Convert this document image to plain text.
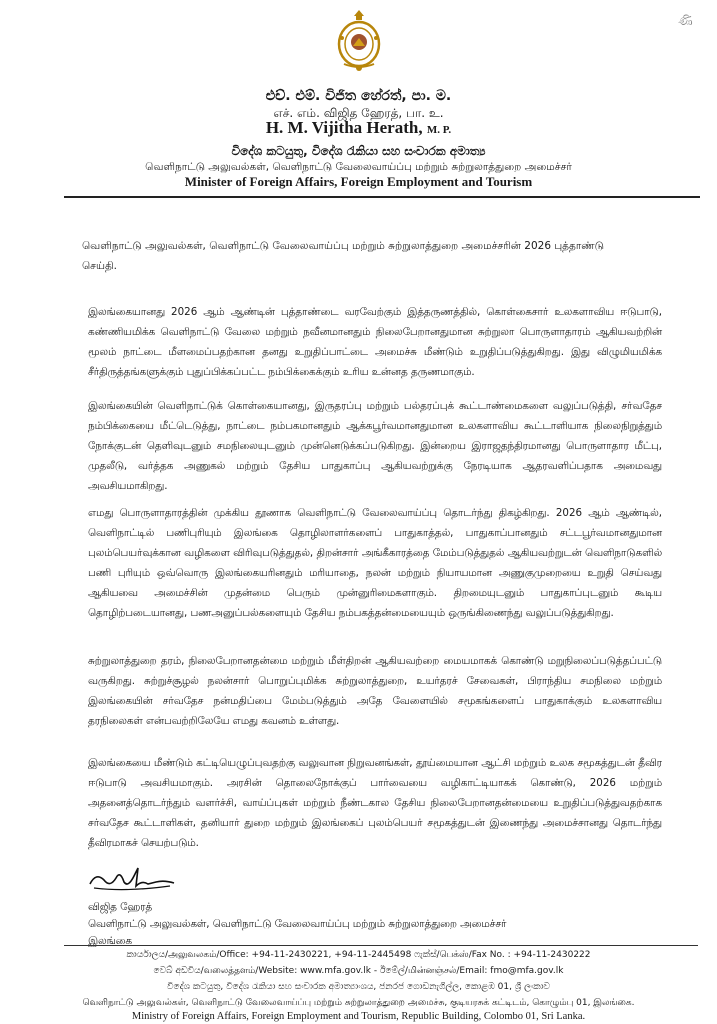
ණි
එච්. එම්. විජිත හේරත්, පා. ම.
எச். எம். விஜித ஹேரத், பா. உ.
H. M. Vijitha Herath, M. P.
විදේශ කටයුතු, විදේශ රැකියා සහ සංචාරක අමාත්‍ය
வெளிநாட்டு அலுவல்கள், வெளிநாட்டு வேலைவாய்ப்பு மற்றும் சுற்றுலாத்துறை அமைச்சர்
Minister of Foreign Affairs, Foreign Employment and Tourism
வெளிநாட்டு அலுவல்கள், வெளிநாட்டு வேலைவாய்ப்பு மற்றும் சுற்றுலாத்துறை அமைச்சரின் 2026 புத்தாண்டு செய்தி.

இலங்கையானது 2026 ஆம் ஆண்டின் புத்தாண்டை வரவேற்கும் இத்தருணத்தில், கொள்கைசார் உலகளாவிய ஈடுபாடு, கண்ணியமிக்க வெளிநாட்டு வேலை மற்றும் நவீனமானதும் நிலைபேறானதுமான சுற்றுலா பொருளாதாரம் ஆகியவற்றின் மூலம் நாட்டை மீளமைப்பதற்கான தனது உறுதிப்பாட்டை அமைச்சு மீண்டும் உறுதிப்படுத்துகிறது. இது விழுமியமிக்க சீர்திருத்தங்களுக்கும் புதுப்பிக்கப்பட்ட நம்பிக்கைக்கும் உரிய உன்னத தருணமாகும்.

இலங்கையின் வெளிநாட்டுக் கொள்கையானது, இருதரப்பு மற்றும் பல்தரப்புக் கூட்டாண்மைகளை வலுப்படுத்தி, சர்வதேச நம்பிக்கையை மீட்டெடுத்து, நாட்டை நம்பகமானதும் ஆக்கபூர்வமானதுமான உலகளாவிய கூட்டாளியாக நிலைநிறுத்தும் நோக்குடன் தெளிவுடனும் சமநிலையுடனும் முன்னெடுக்கப்படுகிறது. இன்றைய இராஜதந்திரமானது பொருளாதார மீட்பு, முதலீடு, வர்த்தக அணுகல் மற்றும் தேசிய பாதுகாப்பு ஆகியவற்றுக்கு நேரடியாக ஆதரவளிப்பதாக அமைவது அவசியமாகிறது.

எமது பொருளாதாரத்தின் முக்கிய தூணாக வெளிநாட்டு வேலைவாய்ப்பு தொடர்ந்து திகழ்கிறது. 2026 ஆம் ஆண்டில், வெளிநாட்டில் பணிபுரியும் இலங்கை தொழிலாளர்களைப் பாதுகாத்தல், பாதுகாப்பானதும் சட்டபூர்வமானதுமான புலம்பெயர்வுக்கான வழிகளை விரிவுபடுத்துதல், திறன்சார் அங்கீகாரத்தை மேம்படுத்துதல் ஆகியவற்றுடன் வெளிநாடுகளில் பணி புரியும் ஒவ்வொரு இலங்கையரினதும் மரியாதை, நலன் மற்றும் நியாயமான அணுகுமுறையை உறுதி செய்வது ஆகியவை அமைச்சின் முதன்மை பெரும் முன்னுரிமைகளாகும். திறமையுடனும் பாதுகாப்புடனும் கூடிய தொழிற்படையானது, பணஅனுப்பல்களையும் தேசிய நம்பகத்தன்மையையும் ஒருங்கிணைந்து வலுப்படுத்துகிறது.

சுற்றுலாத்துறை தரம், நிலைபேறானதன்மை மற்றும் மீள்திறன் ஆகியவற்றை மையமாகக் கொண்டு மறுநிலைப்படுத்தப்பட்டு வருகிறது. சுற்றுச்சூழல் நலன்சார் பொறுப்புமிக்க சுற்றுலாத்துறை, உயர்தரச் சேவைகள், பிராந்திய சமநிலை மற்றும் இலங்கையின் சர்வதேச நன்மதிப்பை மேம்படுத்தும் அதே வேளையில் சமூகங்களைப் பாதுகாக்கும் உலகளாவிய தரநிலைகள் என்பவற்றிலேயே எமது கவனம் உள்ளது.

இலங்கையை மீண்டும் கட்டியெழுப்புவதற்கு வலுவான நிறுவனங்கள், தூய்மையான ஆட்சி மற்றும் உலக சமூகத்துடன் தீவிர ஈடுபாடு அவசியமாகும். அரசின் தொலைநோக்குப் பார்வையை வழிகாட்டியாகக் கொண்டு, 2026 மற்றும் அதனைத்தொடர்ந்தும் வளர்ச்சி, வாய்ப்புகள் மற்றும் நீண்டகால தேசிய நிலைபேறானதன்மையை உறுதிப்படுத்துவதற்காக சர்வதேச கூட்டாளிகள், தனியார் துறை மற்றும் இலங்கைப் புலம்பெயர் சமூகத்துடன் இணைந்து அமைச்சானது தொடர்ந்து தீவிரமாகச் செயற்படும்.

விஜித ஹேரத்
வெளிநாட்டு அலுவல்கள், வெளிநாட்டு வேலைவாய்ப்பு மற்றும் சுற்றுலாத்துறை அமைச்சர்
இலங்கை
කාර්යාලය/அலுவலகம்/Office: +94-11-2430221, +94-11-2445498 ෆැක්ස්/பெக்ஸ்/Fax No. : +94-11-2430222
වෙබ් අඩවිය/வலைத்தளம்/Website: www.mfa.gov.lk - ඊමේල්/மின்னஞ்சல்/Email: fmo@mfa.gov.lk
විදේශ කටයුතු, විදේශ රැකියා සහ සංචාරක අමාත්‍යාංශය, ජනරජ ගොඩනැගිල්ල, කොළඹ 01, ශ්‍රී ලංකාව
வெளிநாட்டு அலுவல்கள், வெளிநாட்டு வேலைவாய்ப்பு மற்றும் சுற்றுலாத்துறை அமைச்சு, குடியரசுக் கட்டிடம், கொழும்பு 01, இலங்கை.
Ministry of Foreign Affairs, Foreign Employment and Tourism, Republic Building, Colombo 01, Sri Lanka.
